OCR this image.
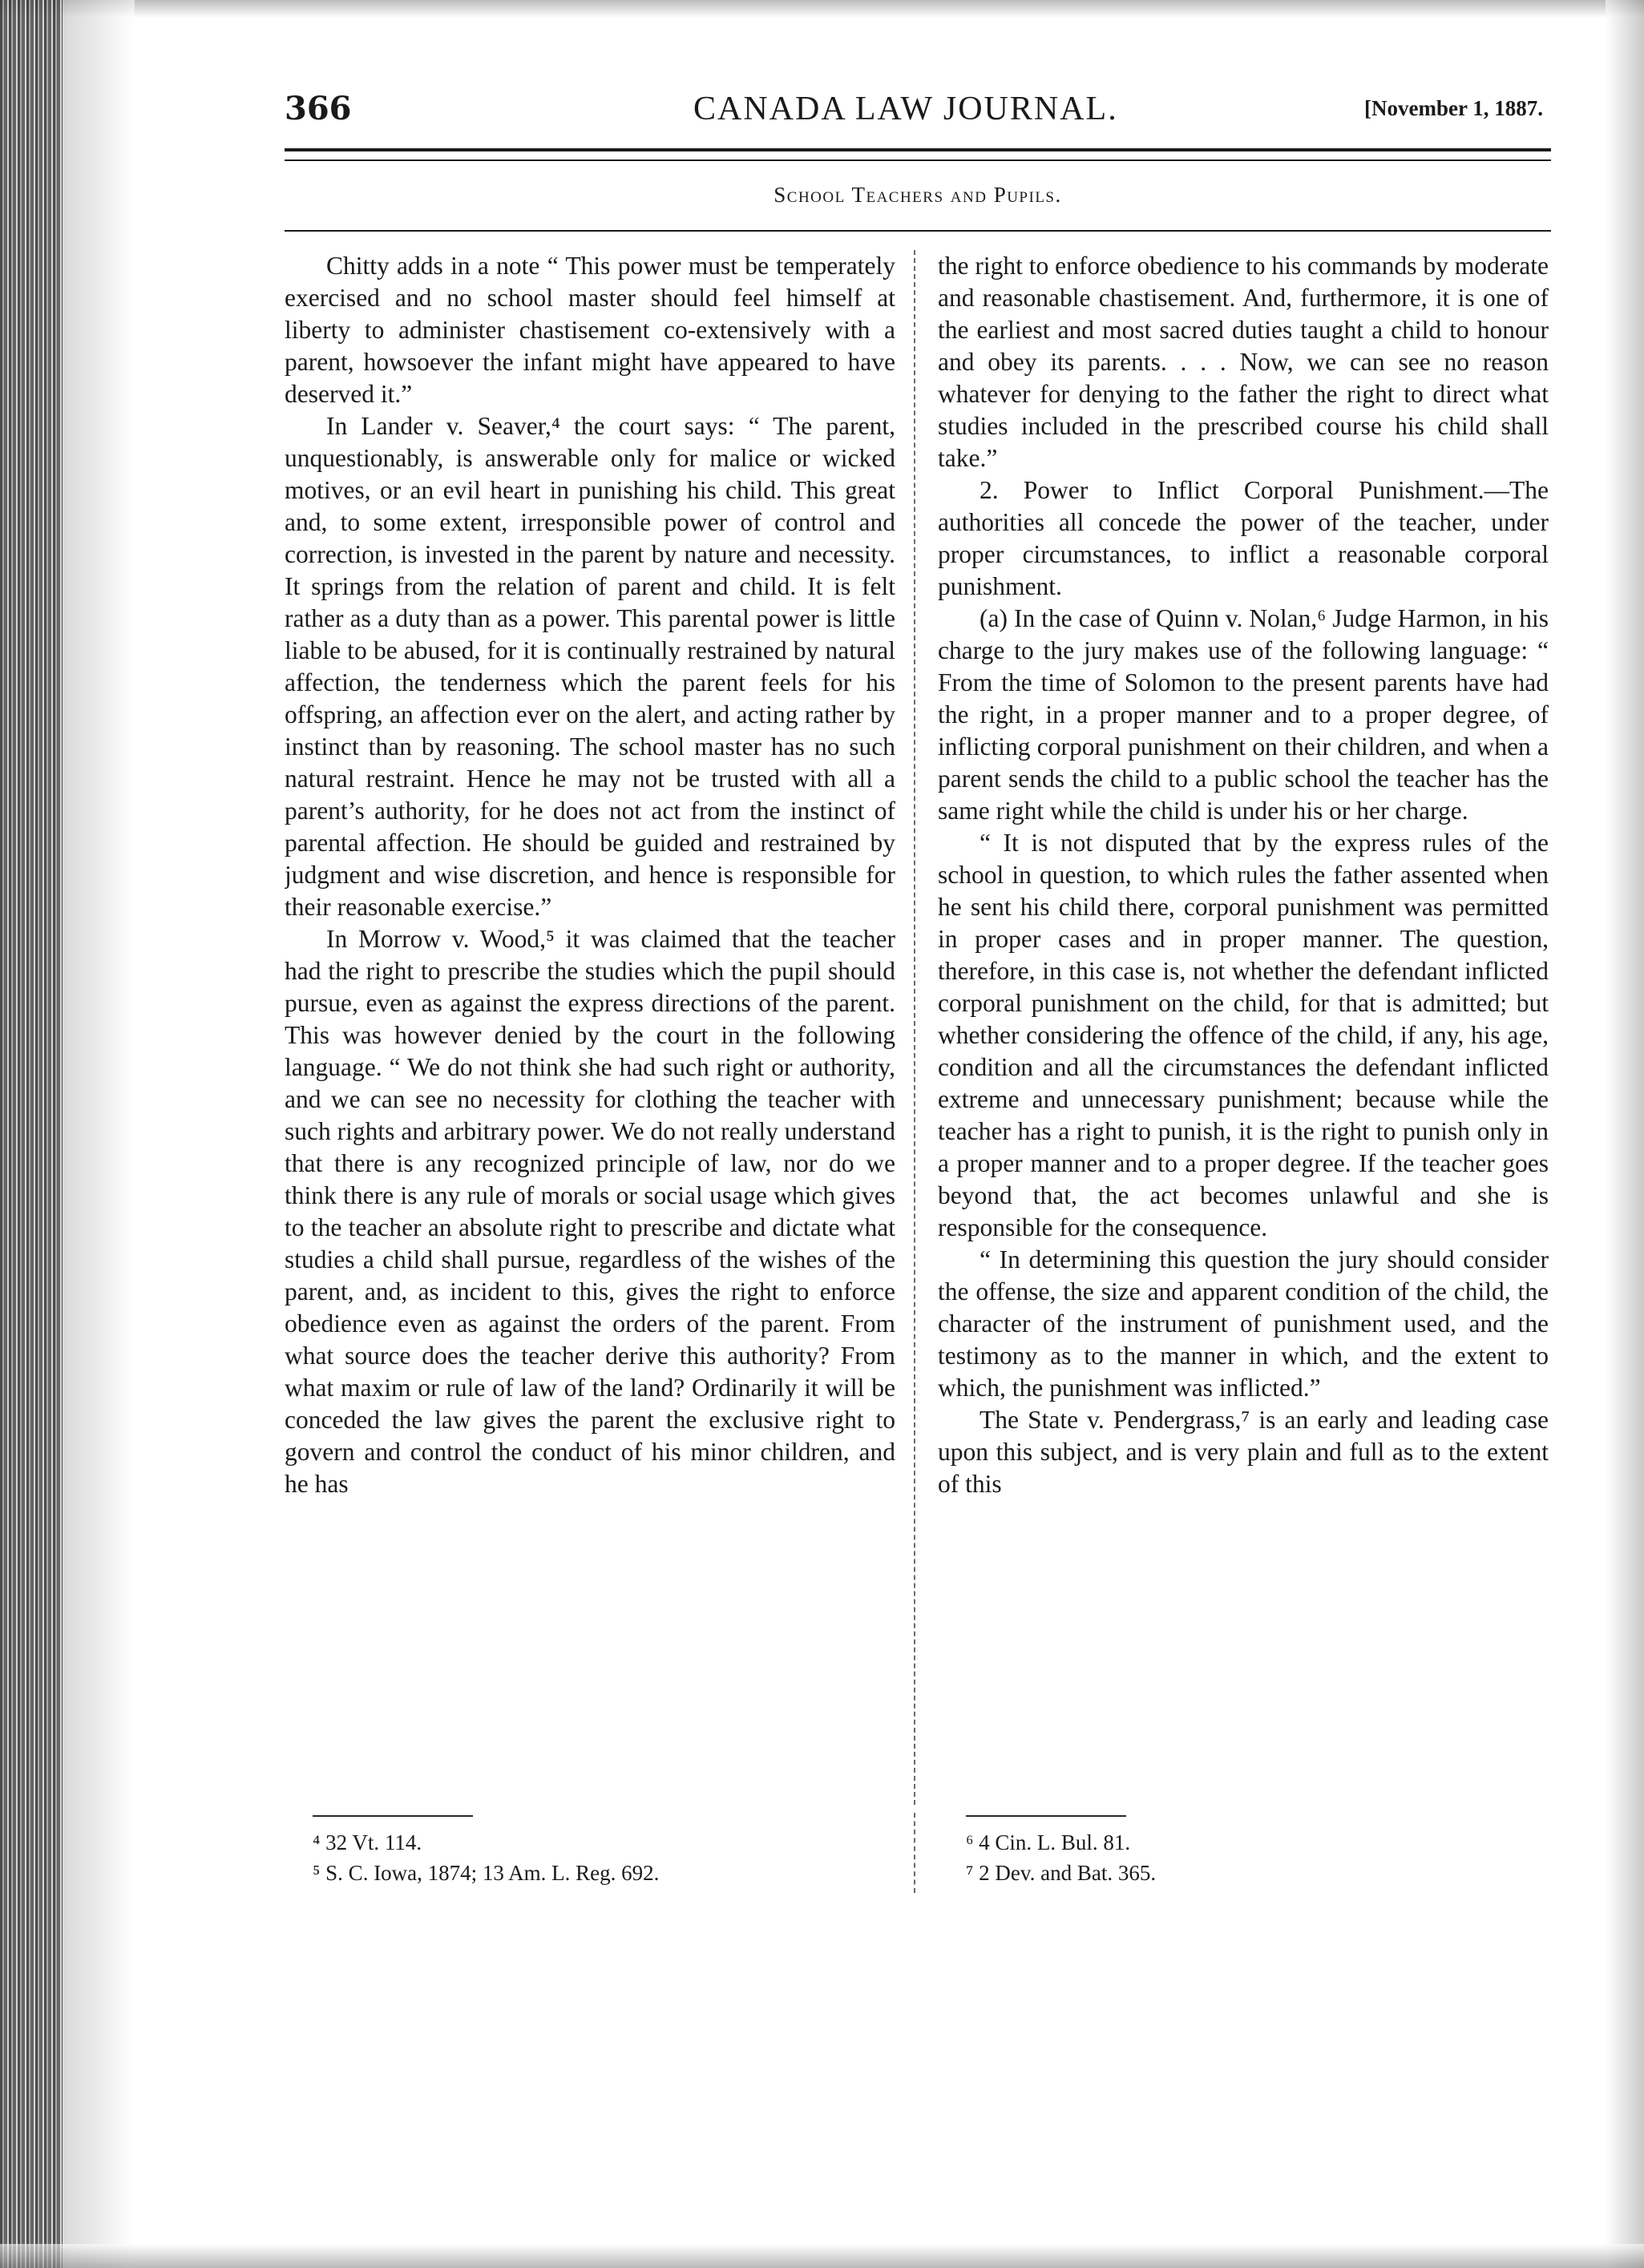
366	CANADA LAW JOURNAL.	[November 1, 1887.
School Teachers and Pupils.

Chitty adds in a note “ This power must be temperately exercised and no school master should feel himself at liberty to administer chastisement co-extensively with a parent, howsoever the infant might have appeared to have deserved it.”

In Lander v. Seaver,⁴ the court says: “ The parent, unquestionably, is answerable only for malice or wicked motives, or an evil heart in punishing his child. This great and, to some extent, irresponsible power of control and correction, is invested in the parent by nature and necessity. It springs from the relation of parent and child. It is felt rather as a duty than as a power. This parental power is little liable to be abused, for it is continually restrained by natural affection, the tenderness which the parent feels for his offspring, an affection ever on the alert, and acting rather by instinct than by reasoning. The school master has no such natural restraint. Hence he may not be trusted with all a parent’s authority, for he does not act from the instinct of parental affection. He should be guided and restrained by judgment and wise discretion, and hence is responsible for their reasonable exercise.”

In Morrow v. Wood,⁵ it was claimed that the teacher had the right to prescribe the studies which the pupil should pursue, even as against the express directions of the parent. This was however denied by the court in the following language. “ We do not think she had such right or authority, and we can see no necessity for clothing the teacher with such rights and arbitrary power. We do not really understand that there is any recognized principle of law, nor do we think there is any rule of morals or social usage which gives to the teacher an absolute right to prescribe and dictate what studies a child shall pursue, regardless of the wishes of the parent, and, as incident to this, gives the right to enforce obedience even as against the orders of the parent. From what source does the teacher derive this authority? From what maxim or rule of law of the land? Ordinarily it will be conceded the law gives the parent the exclusive right to govern and control the conduct of his minor children, and he has

the right to enforce obedience to his commands by moderate and reasonable chastisement. And, furthermore, it is one of the earliest and most sacred duties taught a child to honour and obey its parents. . . . Now, we can see no reason whatever for denying to the father the right to direct what studies included in the prescribed course his child shall take.”

2. Power to Inflict Corporal Punishment.—The authorities all concede the power of the teacher, under proper circumstances, to inflict a reasonable corporal punishment.

(a) In the case of Quinn v. Nolan,⁶ Judge Harmon, in his charge to the jury makes use of the following language: “ From the time of Solomon to the present parents have had the right, in a proper manner and to a proper degree, of inflicting corporal punishment on their children, and when a parent sends the child to a public school the teacher has the same right while the child is under his or her charge.

“ It is not disputed that by the express rules of the school in question, to which rules the father assented when he sent his child there, corporal punishment was permitted in proper cases and in proper manner. The question, therefore, in this case is, not whether the defendant inflicted corporal punishment on the child, for that is admitted; but whether considering the offence of the child, if any, his age, condition and all the circumstances the defendant inflicted extreme and unnecessary punishment; because while the teacher has a right to punish, it is the right to punish only in a proper manner and to a proper degree. If the teacher goes beyond that, the act becomes unlawful and she is responsible for the consequence.

“ In determining this question the jury should consider the offense, the size and apparent condition of the child, the character of the instrument of punishment used, and the testimony as to the manner in which, and the extent to which, the punishment was inflicted.”

The State v. Pendergrass,⁷ is an early and leading case upon this subject, and is very plain and full as to the extent of this

⁴ 32 Vt. 114.
⁵ S. C. Iowa, 1874; 13 Am. L. Reg. 692.
⁶ 4 Cin. L. Bul. 81.
⁷ 2 Dev. and Bat. 365.
